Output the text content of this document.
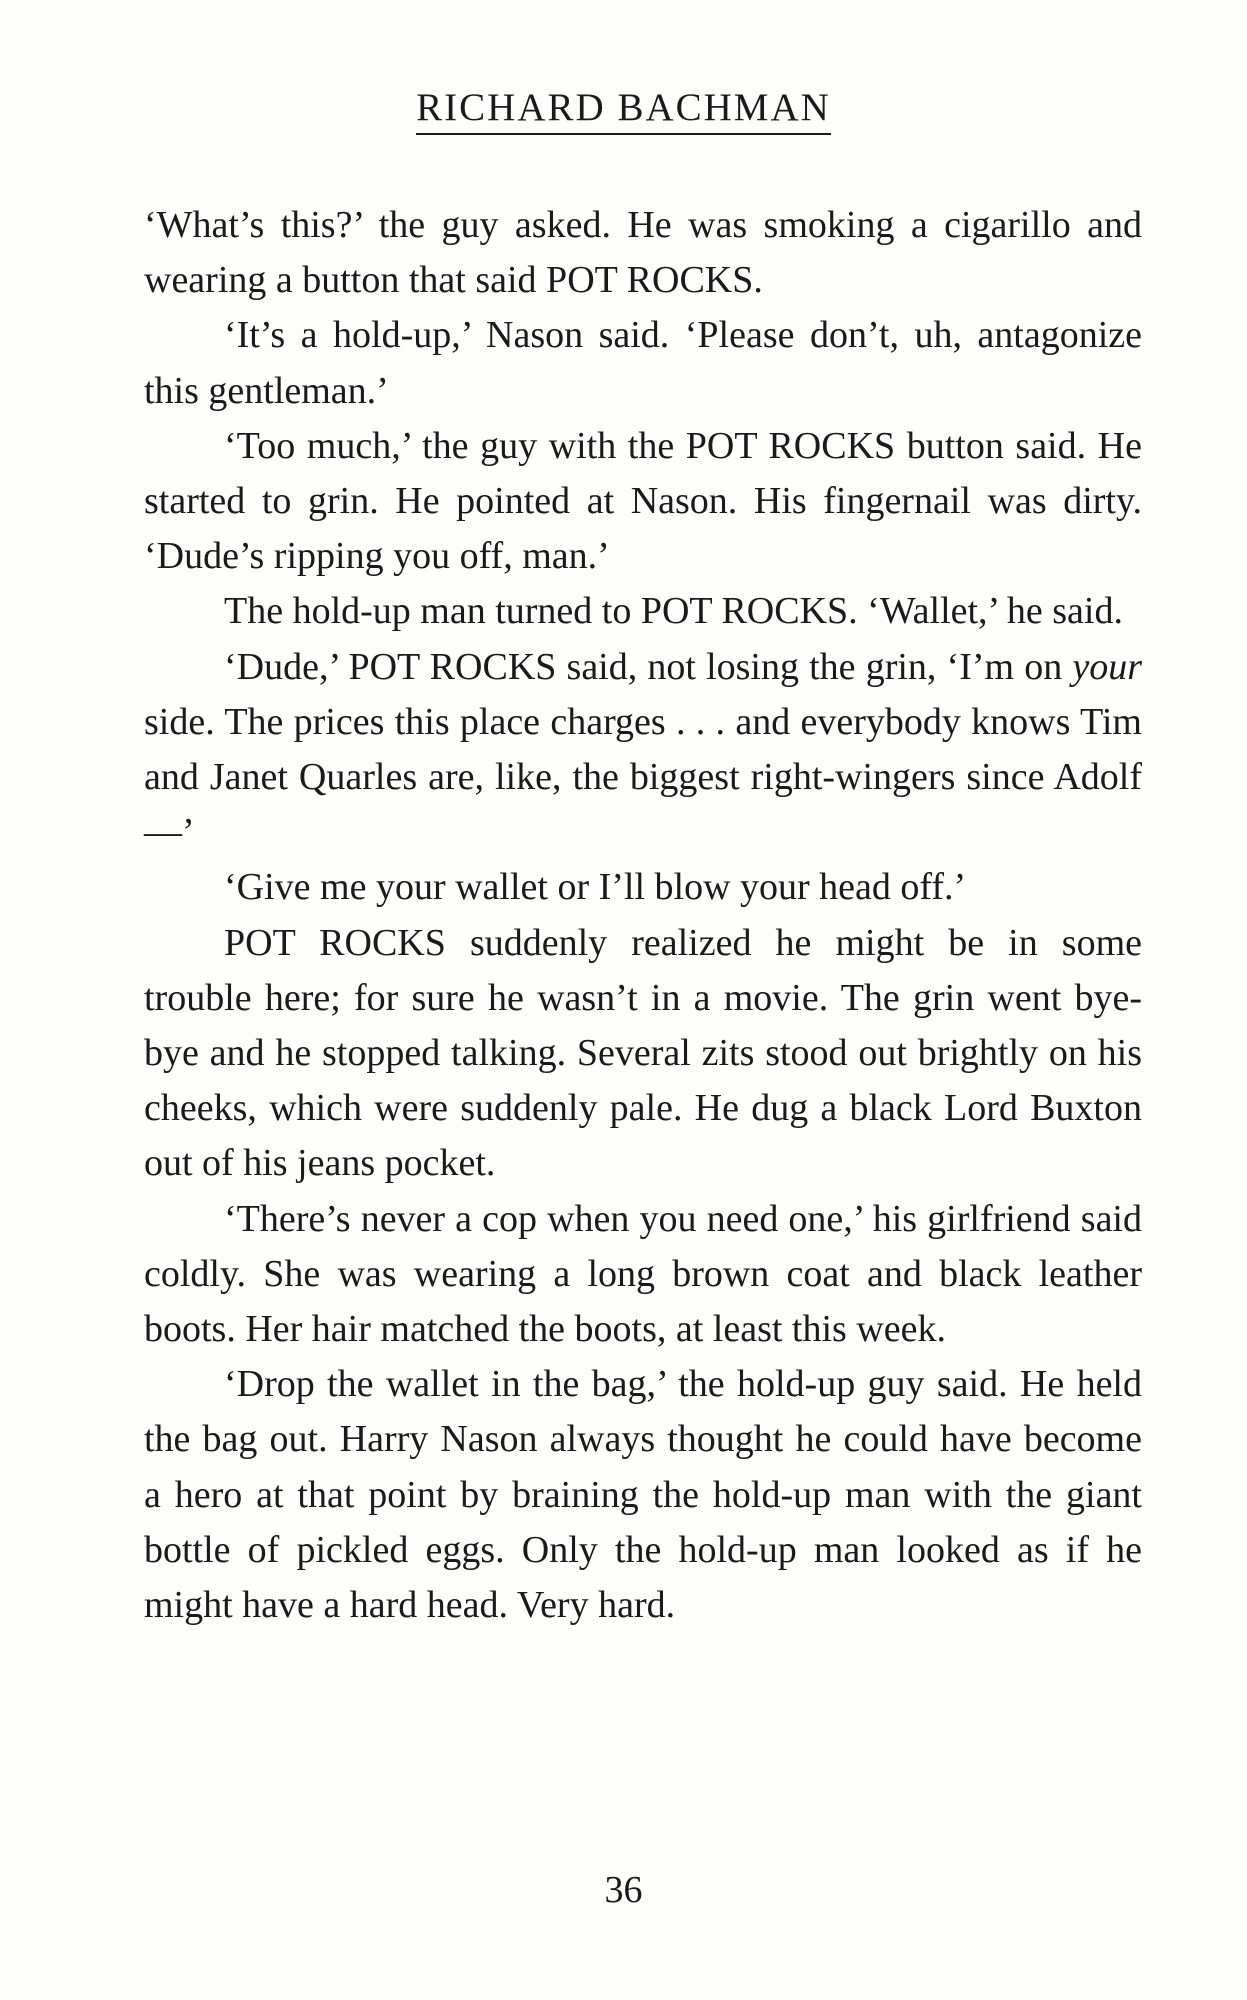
RICHARD BACHMAN

‘What’s this?’ the guy asked. He was smoking a cigarillo and wearing a button that said POT ROCKS.

‘It’s a hold-up,’ Nason said. ‘Please don’t, uh, antagonize this gentleman.’

‘Too much,’ the guy with the POT ROCKS button said. He started to grin. He pointed at Nason. His fingernail was dirty. ‘Dude’s ripping you off, man.’

The hold-up man turned to POT ROCKS. ‘Wallet,’ he said.

‘Dude,’ POT ROCKS said, not losing the grin, ‘I’m on your side. The prices this place charges . . . and everybody knows Tim and Janet Quarles are, like, the biggest right-wingers since Adolf—’

‘Give me your wallet or I’ll blow your head off.’

POT ROCKS suddenly realized he might be in some trouble here; for sure he wasn’t in a movie. The grin went bye-bye and he stopped talking. Several zits stood out brightly on his cheeks, which were suddenly pale. He dug a black Lord Buxton out of his jeans pocket.

‘There’s never a cop when you need one,’ his girlfriend said coldly. She was wearing a long brown coat and black leather boots. Her hair matched the boots, at least this week.

‘Drop the wallet in the bag,’ the hold-up guy said. He held the bag out. Harry Nason always thought he could have become a hero at that point by braining the hold-up man with the giant bottle of pickled eggs. Only the hold-up man looked as if he might have a hard head. Very hard.

36
